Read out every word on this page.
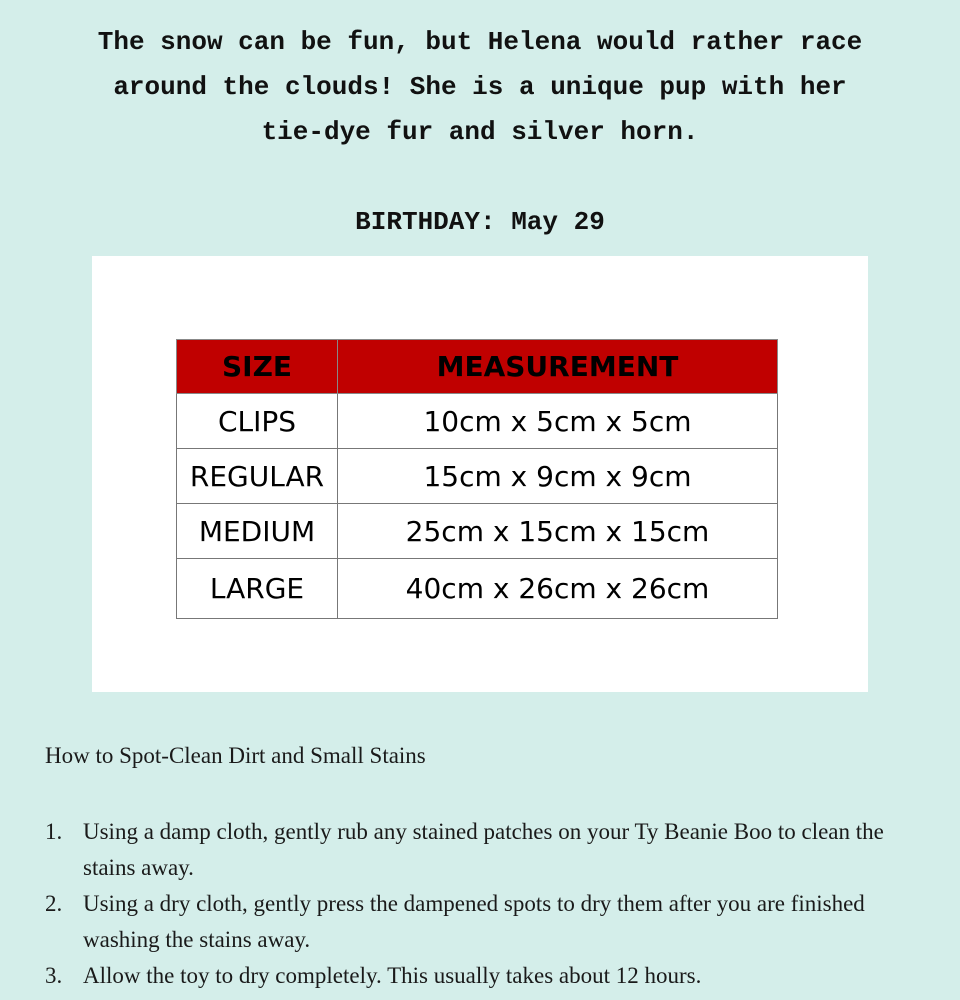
The snow can be fun, but Helena would rather race
around the clouds! She is a unique pup with her
tie-dye fur and silver horn.
BIRTHDAY: May 29
SIZE	MEASUREMENT
CLIPS	10cm x 5cm x 5cm
REGULAR	15cm x 9cm x 9cm
MEDIUM	25cm x 15cm x 15cm
LARGE	40cm x 26cm x 26cm
How to Spot-Clean Dirt and Small Stains
1. Using a damp cloth, gently rub any stained patches on your Ty Beanie Boo to clean the stains away.
2. Using a dry cloth, gently press the dampened spots to dry them after you are finished washing the stains away.
3. Allow the toy to dry completely. This usually takes about 12 hours.
